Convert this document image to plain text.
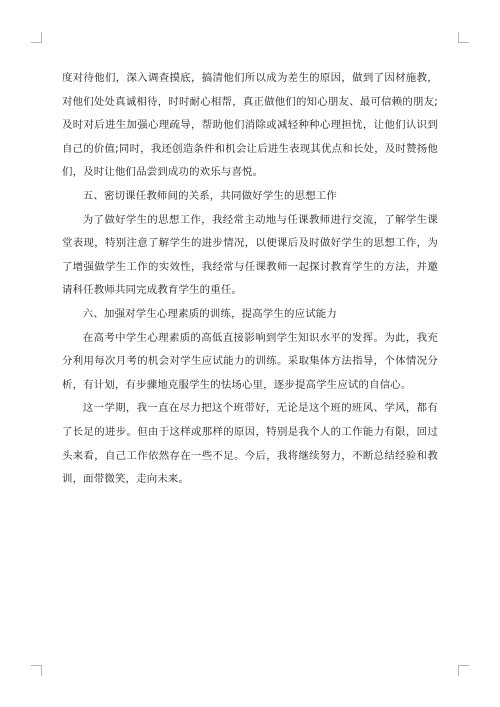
度对待他们，深入调查摸底，搞清他们所以成为差生的原因，做到了因材施教，对他们处处真诚相待，时时耐心相帮，真正做他们的知心朋友、最可信赖的朋友;及时对后进生加强心理疏导，帮助他们消除或减轻种种心理担忧，让他们认识到自己的价值;同时，我还创造条件和机会让后进生表现其优点和长处，及时赞扬他们，及时让他们品尝到成功的欢乐与喜悦。

五、密切课任教师间的关系，共同做好学生的思想工作

为了做好学生的思想工作，我经常主动地与任课教师进行交流，了解学生课堂表现，特别注意了解学生的进步情况，以便课后及时做好学生的思想工作，为了增强做学生工作的实效性，我经常与任课教师一起探讨教育学生的方法，并邀请科任教师共同完成教育学生的重任。

六、加强对学生心理素质的训练，提高学生的应试能力

在高考中学生心理素质的高低直接影响到学生知识水平的发挥。为此，我充分利用每次月考的机会对学生应试能力的训练。采取集体方法指导，个体情况分析，有计划，有步骤地克服学生的怯场心里，逐步提高学生应试的自信心。

这一学期，我一直在尽力把这个班带好，无论是这个班的班风、学风，都有了长足的进步。但由于这样或那样的原因，特别是我个人的工作能力有限，回过头来看，自己工作依然存在一些不足。今后，我将继续努力，不断总结经验和教训，面带微笑，走向未来。
